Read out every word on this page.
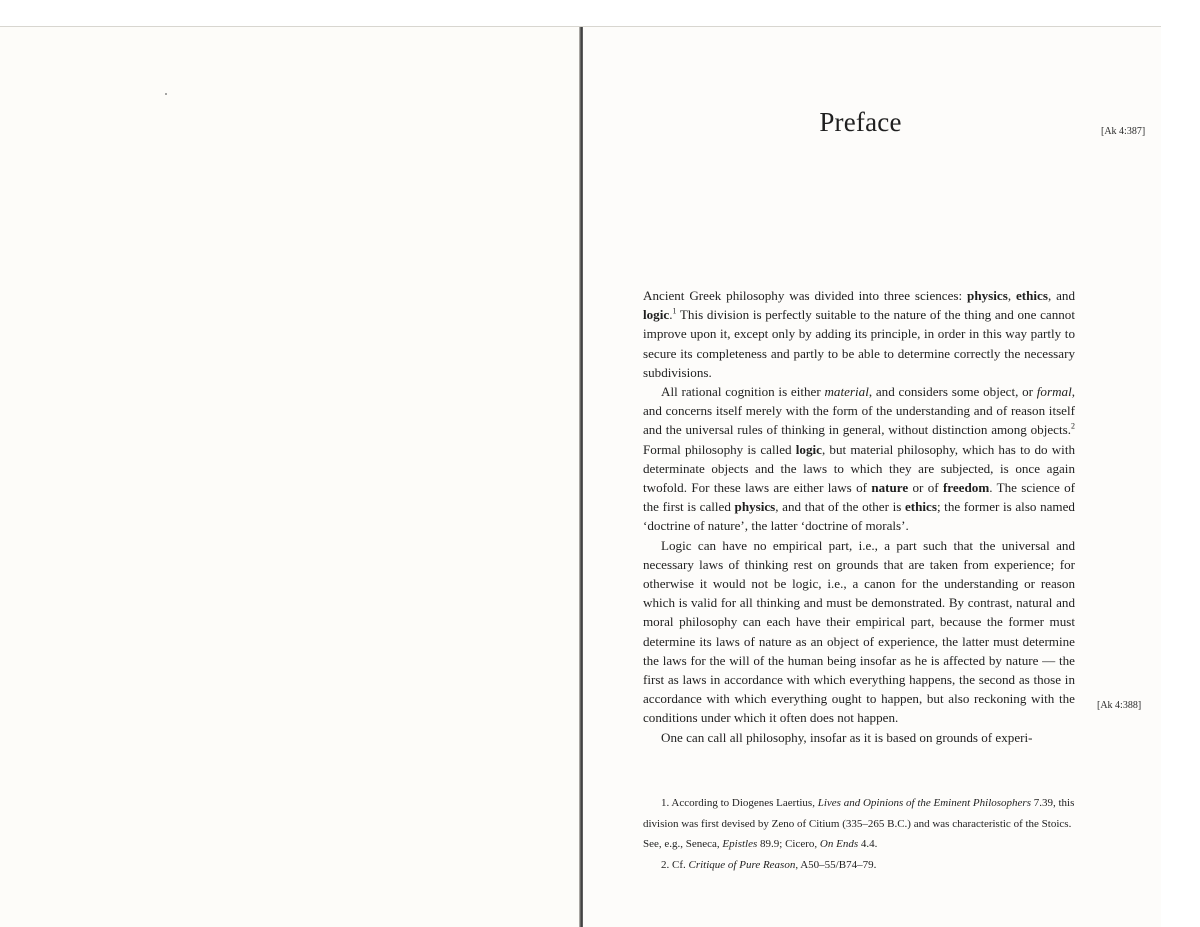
Preface	[Ak 4:387]
[Ak 4:388]

Ancient Greek philosophy was divided into three sciences: physics, ethics, and logic.$^1$ This division is perfectly suitable to the nature of the thing and one cannot improve upon it, except only by adding its principle, in order in this way partly to secure its completeness and partly to be able to determine correctly the necessary subdivisions.

All rational cognition is either material, and considers some object, or formal, and concerns itself merely with the form of the understanding and of reason itself and the universal rules of thinking in general, without distinction among objects.$^2$ Formal philosophy is called logic, but material philosophy, which has to do with determinate objects and the laws to which they are subjected, is once again twofold. For these laws are either laws of nature or of freedom. The science of the first is called physics, and that of the other is ethics; the former is also named ‘doctrine of nature’, the latter ‘doctrine of morals’.

Logic can have no empirical part, i.e., a part such that the universal and necessary laws of thinking rest on grounds that are taken from experience; for otherwise it would not be logic, i.e., a canon for the understanding or reason which is valid for all thinking and must be demonstrated. By contrast, natural and moral philosophy can each have their empirical part, because the former must determine its laws of nature as an object of experience, the latter must determine the laws for the will of the human being insofar as he is affected by nature — the first as laws in accordance with which everything happens, the second as those in accordance with which everything ought to happen, but also reckoning with the conditions under which it often does not happen.

One can call all philosophy, insofar as it is based on grounds of experi-

1. According to Diogenes Laertius, Lives and Opinions of the Eminent Philosophers 7.39, this division was first devised by Zeno of Citium (335–265 B.C.) and was characteristic of the Stoics. See, e.g., Seneca, Epistles 89.9; Cicero, On Ends 4.4.

2. Cf. Critique of Pure Reason, A50–55/B74–79.
